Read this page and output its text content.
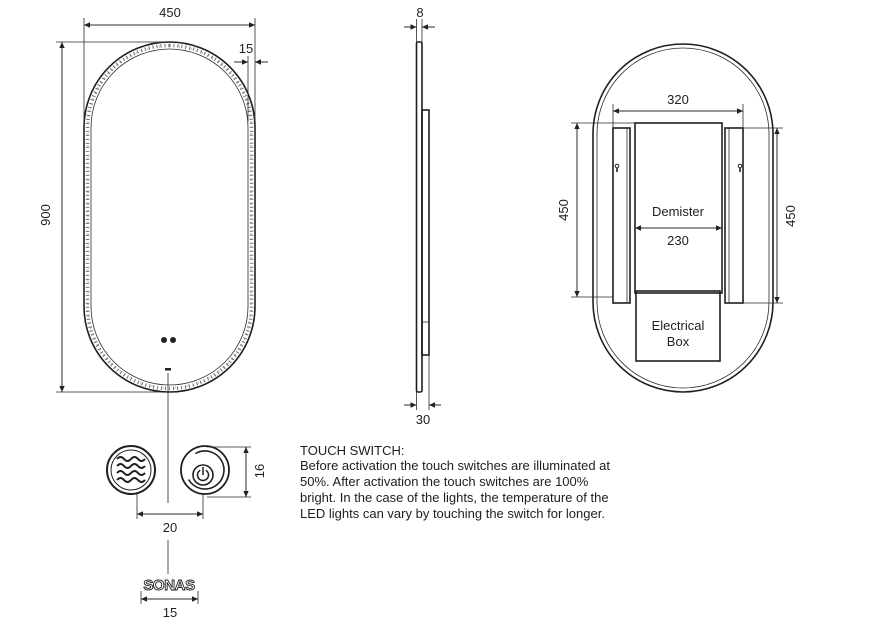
450
900
15
20
16
SONAS
15
8
30
320
Demister
230
Electrical
Box
450	450
TOUCH SWITCH:
Before activation the touch switches are illuminated at
50%. After activation the touch switches are 100%
bright. In the case of the lights, the temperature of the
LED lights can vary by touching the switch for longer.
